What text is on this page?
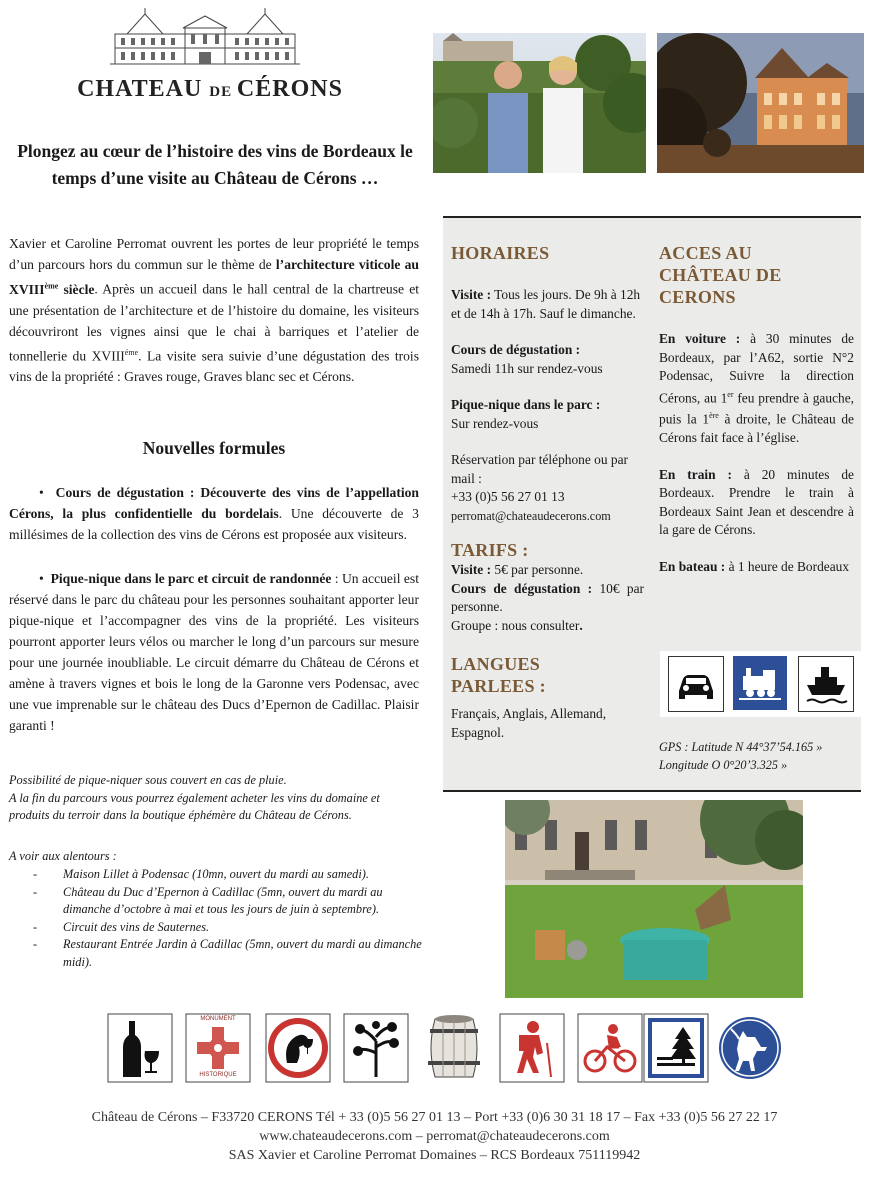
CHATEAU DE CÉRONS
Plongez au cœur de l’histoire des vins de Bordeaux le temps d’une visite au Château de Cérons …
Xavier et Caroline Perromat ouvrent les portes de leur propriété le temps d’un parcours hors du commun sur le thème de l’architecture viticole au XVIIIème siècle. Après un accueil dans le hall central de la chartreuse et une présentation de l’architecture et de l’histoire du domaine, les visiteurs découvriront les vignes ainsi que le chai à barriques et l’atelier de tonnellerie du $XVIII^{éme}$. La visite sera suivie d’une dégustation des trois vins de la propriété : Graves rouge, Graves blanc sec et Cérons.
Nouvelles formules
•  Cours de dégustation : Découverte des vins de l’appellation Cérons, la plus confidentielle du bordelais. Une découverte de 3 millésimes de la collection des vins de Cérons est proposée aux visiteurs.
•  Pique-nique dans le parc et circuit de randonnée : Un accueil est réservé dans le parc du château pour les personnes souhaitant apporter leur pique-nique et l’accompagner des vins de la propriété. Les visiteurs pourront apporter leurs vélos ou marcher le long d’un parcours sur mesure pour une journée inoubliable. Le circuit démarre du Château de Cérons et amène à travers vignes et bois le long de la Garonne vers Podensac, avec une vue imprenable sur le château des Ducs d’Epernon de Cadillac. Plaisir garanti !
Possibilité de pique-niquer sous couvert en cas de pluie.
A la fin du parcours vous pourrez également acheter les vins du domaine et produits du terroir dans la boutique éphémère du Château de Cérons.
A voir aux alentours :
- Maison Lillet à Podensac (10mn, ouvert du mardi au samedi).
- Château du Duc d’Epernon à Cadillac (5mn, ouvert du mardi au dimanche d’octobre à mai et tous les jours de juin à septembre).
- Circuit des vins de Sauternes.
- Restaurant Entrée Jardin à Cadillac (5mn, ouvert du mardi au dimanche midi).
HORAIRES
Visite : Tous les jours. De 9h à 12h et de 14h à 17h. Sauf le dimanche.
Cours de dégustation :
Samedi 11h sur rendez-vous
Pique-nique dans le parc :
Sur rendez-vous
Réservation par téléphone ou par mail :
+33 (0)5 56 27 01 13
perromat@chateaudecerons.com
TARIFS :
Visite : 5€ par personne.
Cours de dégustation : 10€ par personne.
Groupe : nous consulter.
LANGUES PARLEES :
Français, Anglais, Allemand, Espagnol.
ACCES AU CHÂTEAU DE CERONS
En voiture : à 30 minutes de Bordeaux, par l’A62, sortie N°2 Podensac, Suivre la direction Cérons, au 1er feu prendre à gauche, puis la 1ère à droite, le Château de Cérons fait face à l’église.
En train : à 20 minutes de Bordeaux. Prendre le train à Bordeaux Saint Jean et descendre à la gare de Cérons.
En bateau : à 1 heure de Bordeaux
GPS : Latitude N 44°37’54.165 »
Longitude O 0°20’3.325 »
MONUMENT
HISTORIQUE
Château de Cérons – F33720 CERONS Tél + 33 (0)5 56 27 01 13 – Port +33 (0)6 30 31 18 17 – Fax +33 (0)5 56 27 22 17
www.chateaudecerons.com – perromat@chateaudecerons.com
SAS Xavier et Caroline Perromat Domaines – RCS Bordeaux 751119942
